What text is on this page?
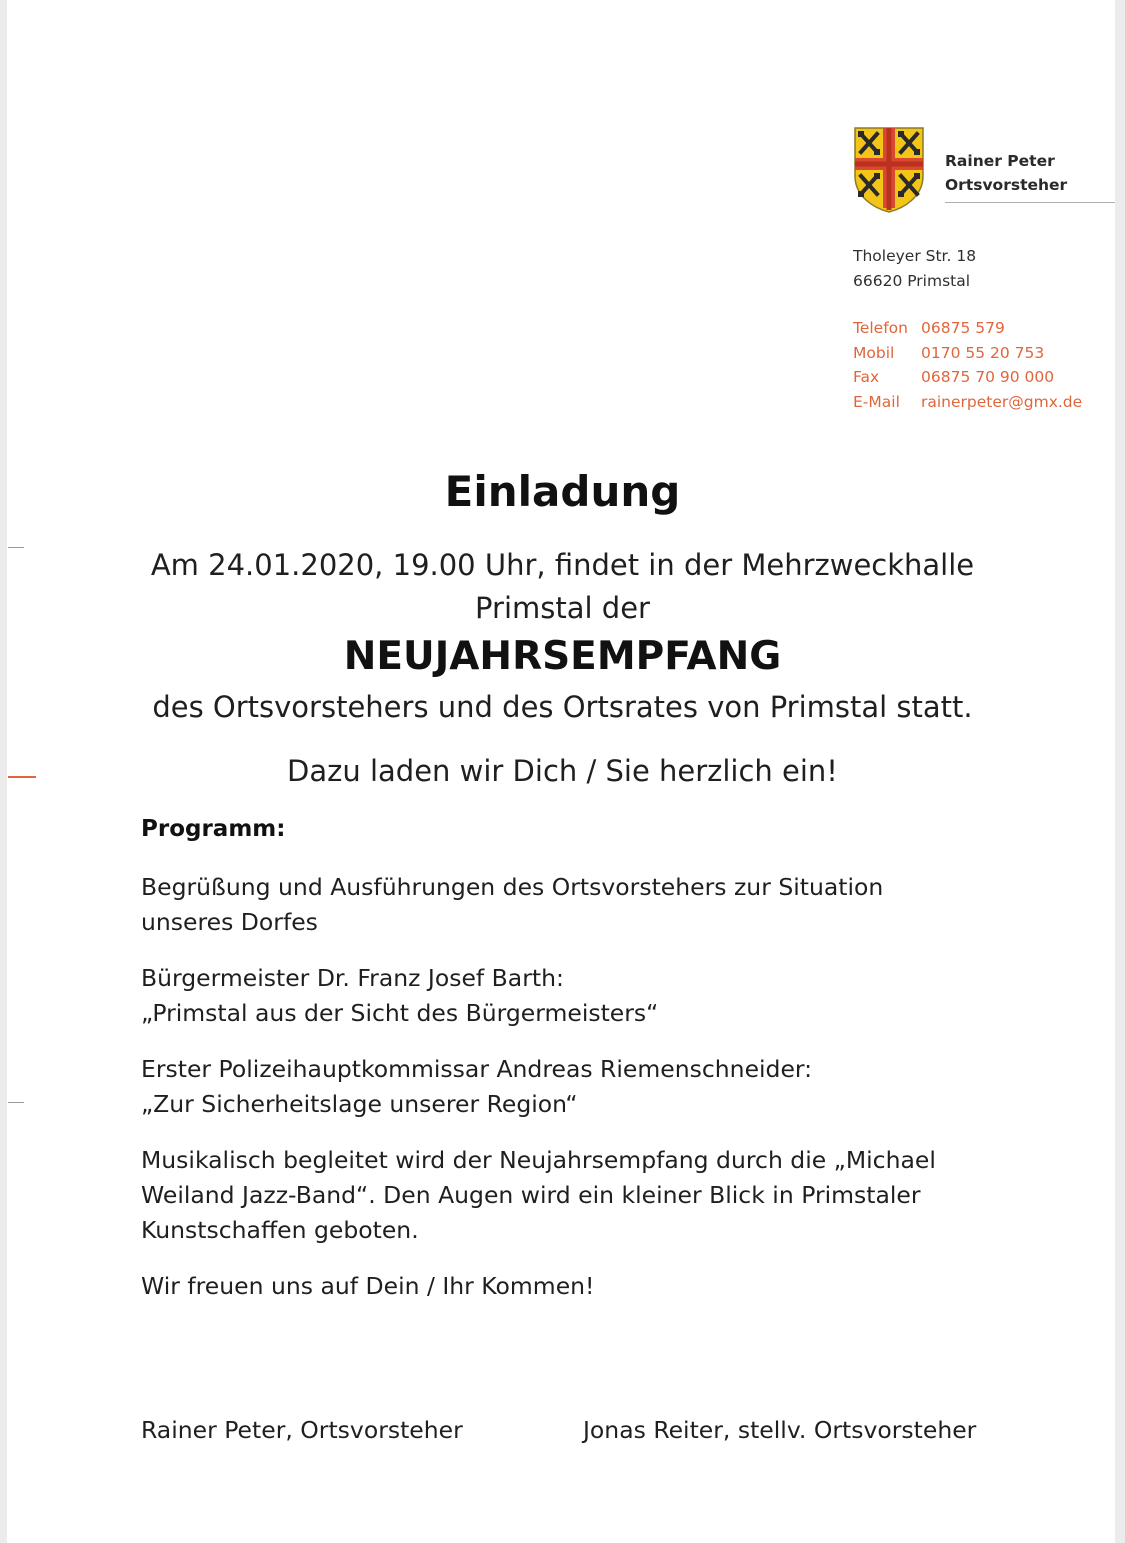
Rainer Peter
Ortsvorsteher
Tholeyer Str. 18
66620 Primstal
Telefon 06875 579
Mobil	0170 55 20 753
Fax	06875 70 90 000
E-Mail	rainerpeter@gmx.de
Einladung
Am 24.01.2020, 19.00 Uhr, findet in der Mehrzweckhalle
Primstal der
NEUJAHRSEMPFANG
des Ortsvorstehers und des Ortsrates von Primstal statt.
Dazu laden wir Dich / Sie herzlich ein!
Programm:

Begrüßung und Ausführungen des Ortsvorstehers zur Situation
unseres Dorfes

Bürgermeister Dr. Franz Josef Barth:
„Primstal aus der Sicht des Bürgermeisters“

Erster Polizeihauptkommissar Andreas Riemenschneider:
„Zur Sicherheitslage unserer Region“

Musikalisch begleitet wird der Neujahrsempfang durch die „Michael
Weiland Jazz-Band“. Den Augen wird ein kleiner Blick in Primstaler
Kunstschaffen geboten.

Wir freuen uns auf Dein / Ihr Kommen!

Rainer Peter, Ortsvorsteher	Jonas Reiter, stellv. Ortsvorsteher
